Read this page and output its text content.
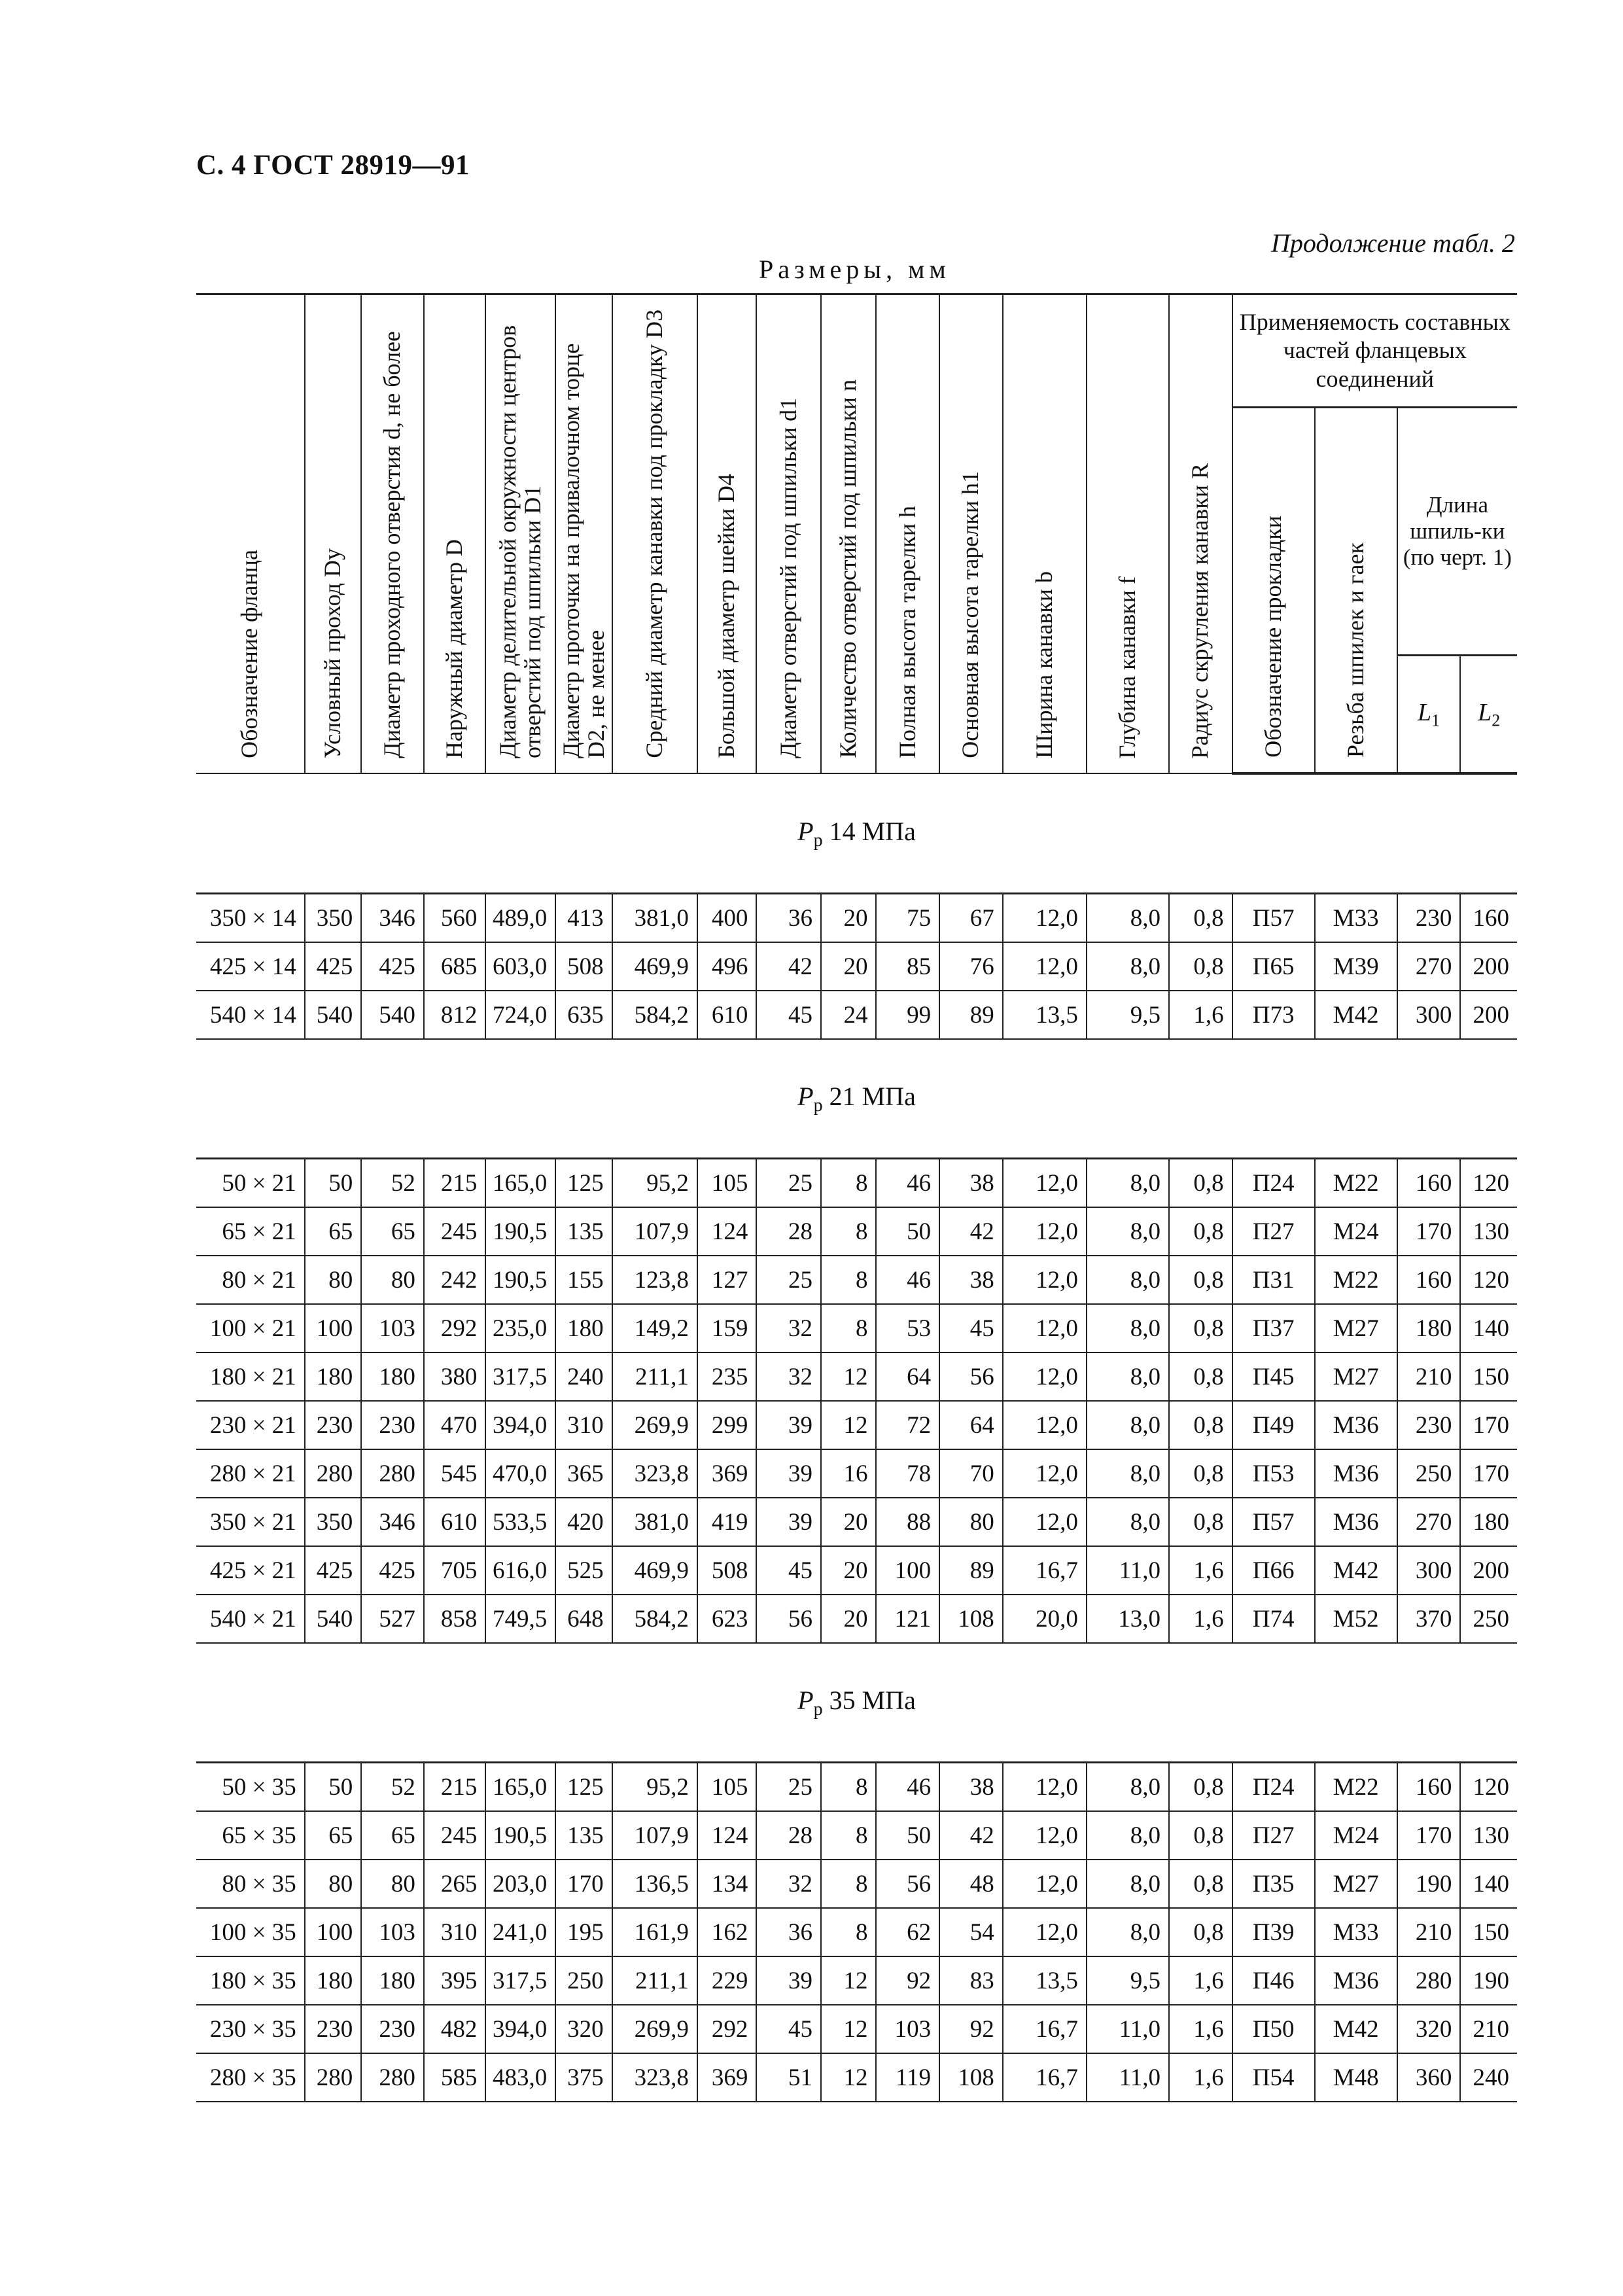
С. 4 ГОСТ 28919—91
Продолжение табл. 2
Размеры, мм
Обозначение фланца	Условный проход Dу	Диаметр проходного отверстия d, не более	Наружный диаметр D	Диаметр делительной окружности центров отверстий под шпильки D1	Диаметр проточки на привалочном торце D2, не менее	Средний диаметр канавки под прокладку D3	Большой диаметр шейки D4	Диаметр отверстий под шпильки d1	Количество отверстий под шпильки n	Полная высота тарелки h	Основная высота тарелки h1	Ширина канавки b	Глубина канавки f	Радиус скругления канавки R	Применяемость составных частей фланцевых соединений			
															Обозначение прокладки	Резьба шпилек и гаек	Длина шпиль-ки (по черт. 1)	
																	$L_1$	$L_2$
$P_р$ 14 МПа																		
350 × 14	350	346	560	489,0	413	381,0	400	36	20	75	67	12,0	8,0	0,8	П57	М33	230	160
425 × 14	425	425	685	603,0	508	469,9	496	42	20	85	76	12,0	8,0	0,8	П65	М39	270	200
540 × 14	540	540	812	724,0	635	584,2	610	45	24	99	89	13,5	9,5	1,6	П73	М42	300	200
$P_р$ 21 МПа																		
50 × 21	50	52	215	165,0	125	95,2	105	25	8	46	38	12,0	8,0	0,8	П24	М22	160	120
65 × 21	65	65	245	190,5	135	107,9	124	28	8	50	42	12,0	8,0	0,8	П27	М24	170	130
80 × 21	80	80	242	190,5	155	123,8	127	25	8	46	38	12,0	8,0	0,8	П31	М22	160	120
100 × 21	100	103	292	235,0	180	149,2	159	32	8	53	45	12,0	8,0	0,8	П37	М27	180	140
180 × 21	180	180	380	317,5	240	211,1	235	32	12	64	56	12,0	8,0	0,8	П45	М27	210	150
230 × 21	230	230	470	394,0	310	269,9	299	39	12	72	64	12,0	8,0	0,8	П49	М36	230	170
280 × 21	280	280	545	470,0	365	323,8	369	39	16	78	70	12,0	8,0	0,8	П53	М36	250	170
350 × 21	350	346	610	533,5	420	381,0	419	39	20	88	80	12,0	8,0	0,8	П57	М36	270	180
425 × 21	425	425	705	616,0	525	469,9	508	45	20	100	89	16,7	11,0	1,6	П66	М42	300	200
540 × 21	540	527	858	749,5	648	584,2	623	56	20	121	108	20,0	13,0	1,6	П74	М52	370	250
$P_р$ 35 МПа																		
50 × 35	50	52	215	165,0	125	95,2	105	25	8	46	38	12,0	8,0	0,8	П24	М22	160	120
65 × 35	65	65	245	190,5	135	107,9	124	28	8	50	42	12,0	8,0	0,8	П27	М24	170	130
80 × 35	80	80	265	203,0	170	136,5	134	32	8	56	48	12,0	8,0	0,8	П35	М27	190	140
100 × 35	100	103	310	241,0	195	161,9	162	36	8	62	54	12,0	8,0	0,8	П39	М33	210	150
180 × 35	180	180	395	317,5	250	211,1	229	39	12	92	83	13,5	9,5	1,6	П46	М36	280	190
230 × 35	230	230	482	394,0	320	269,9	292	45	12	103	92	16,7	11,0	1,6	П50	М42	320	210
280 × 35	280	280	585	483,0	375	323,8	369	51	12	119	108	16,7	11,0	1,6	П54	М48	360	240
